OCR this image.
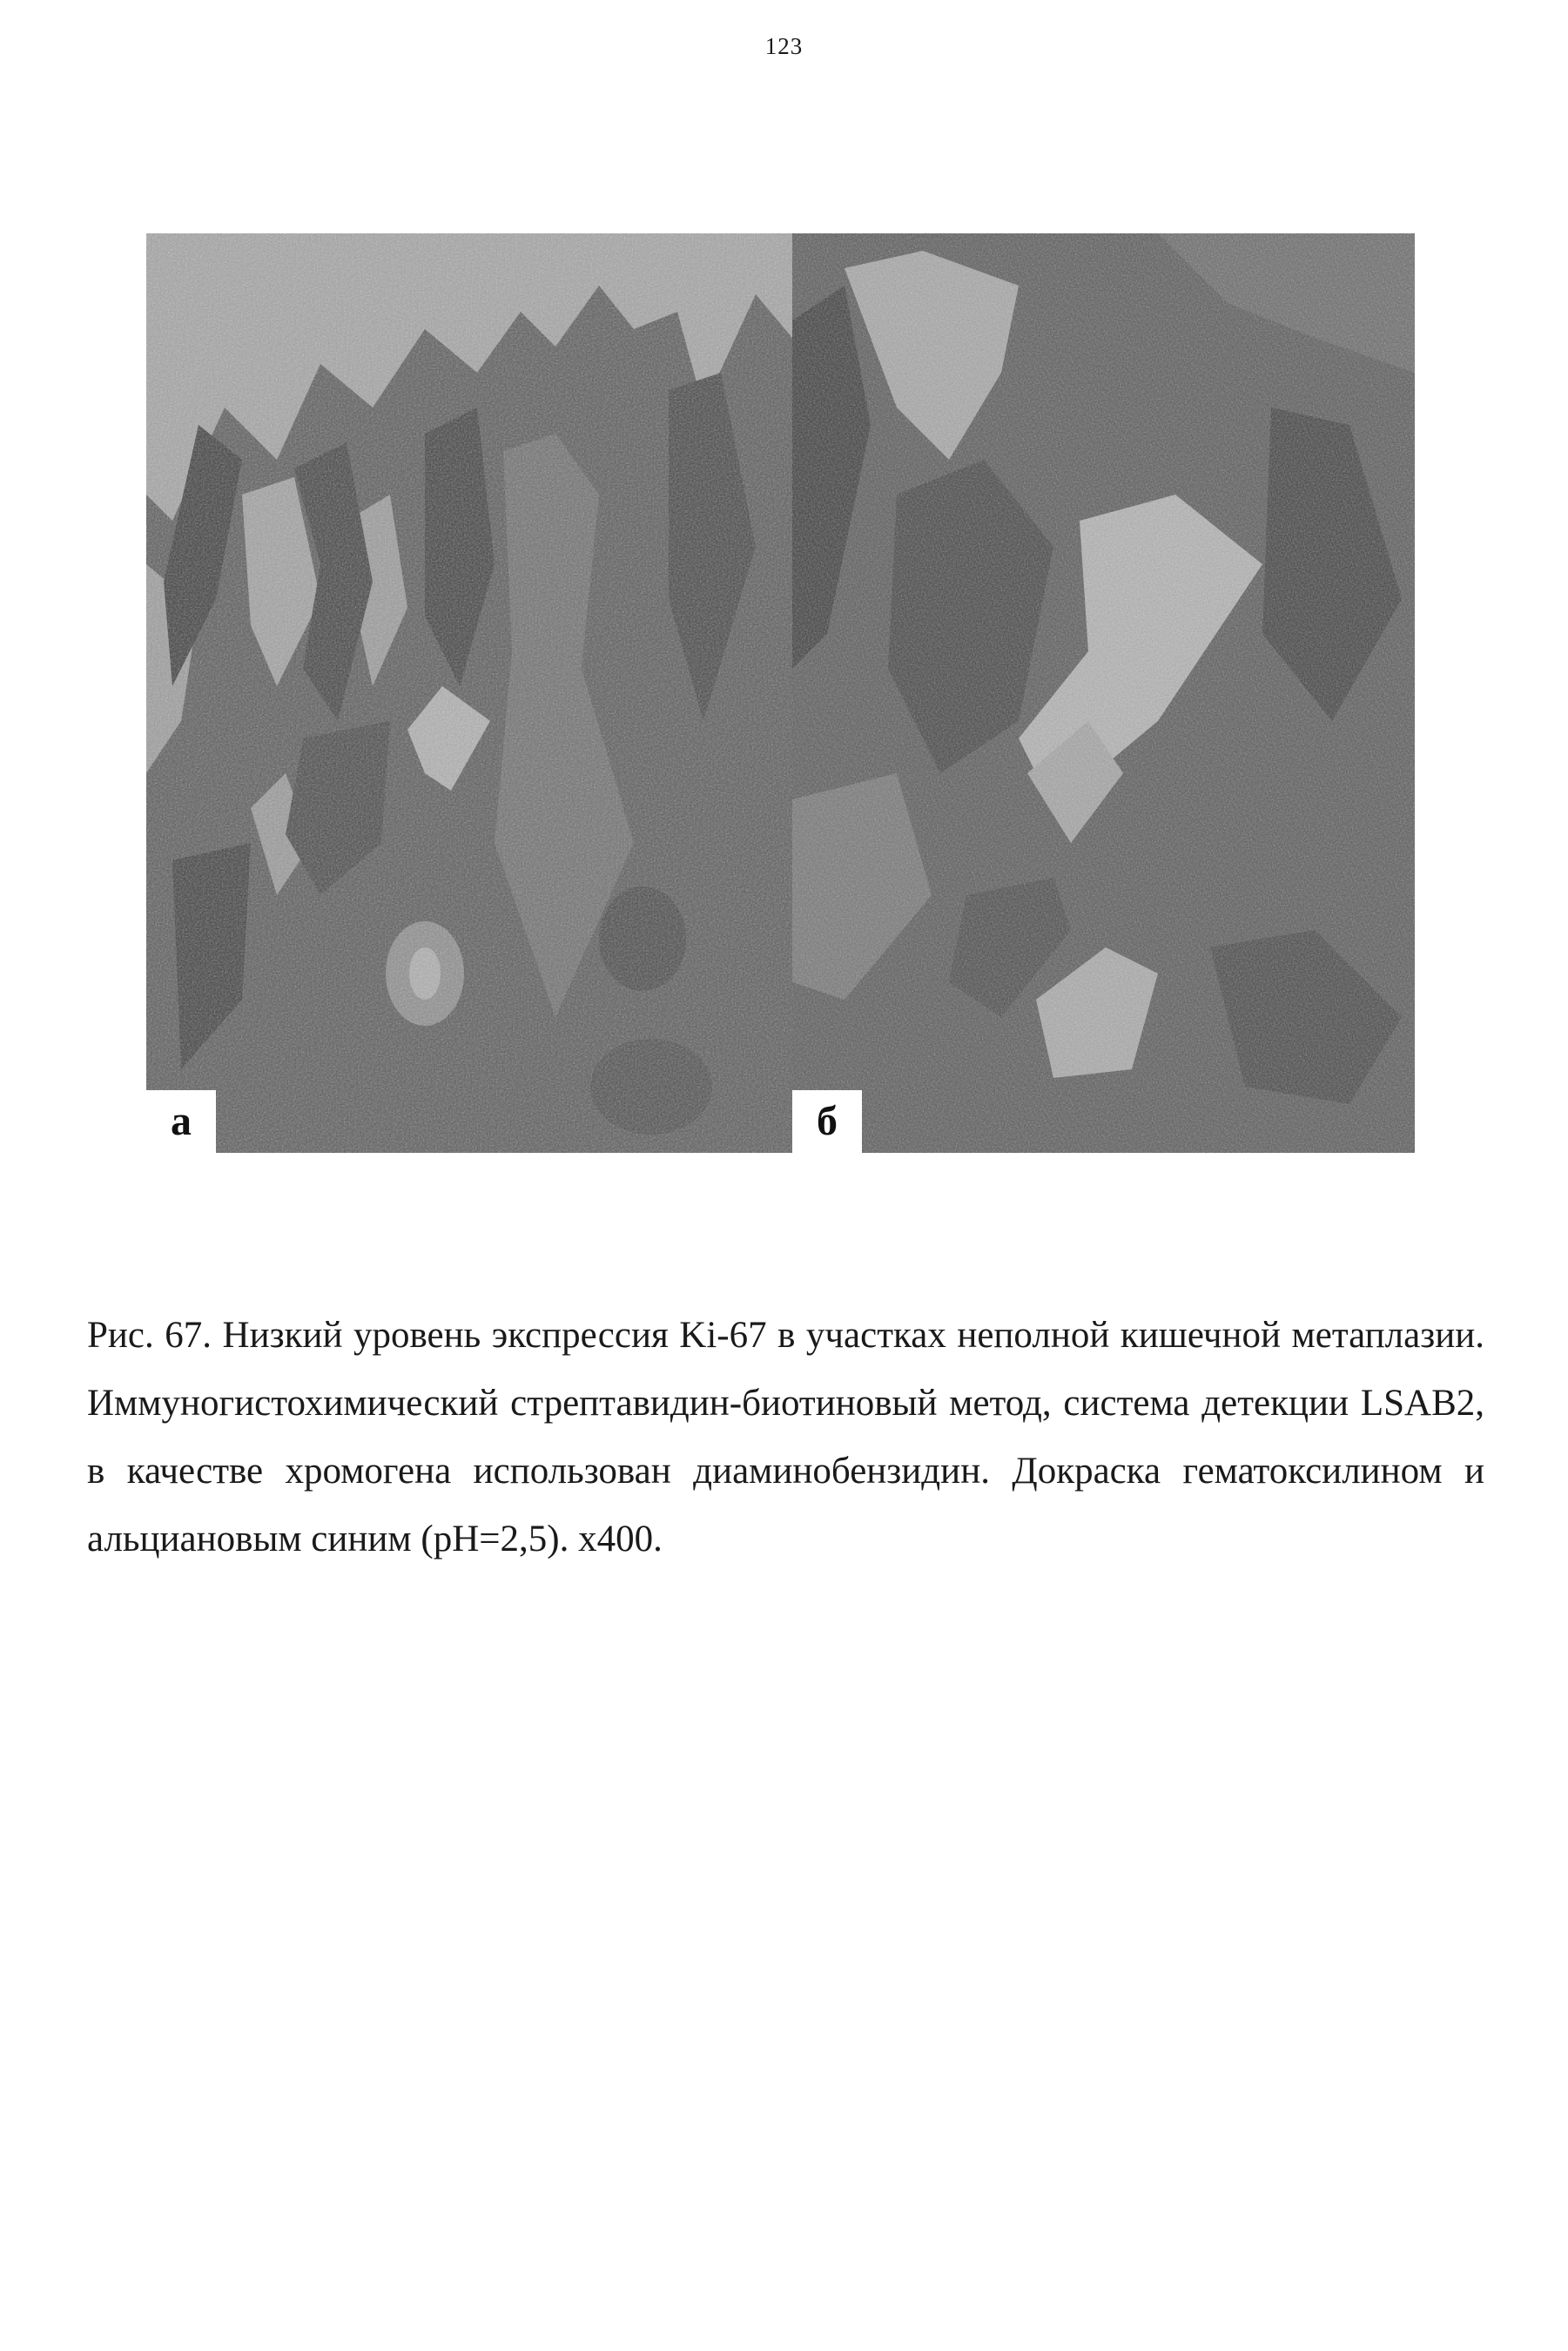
123
а	б

Рис. 67. Низкий уровень экспрессия Ki-67 в участках неполной кишечной метаплазии. Иммуногистохимический стрептавидин-биотиновый метод, система детекции LSAB2, в качестве хромогена использован диаминобензидин. Докраска гематоксилином и альциановым синим (pH=2,5). х400.
